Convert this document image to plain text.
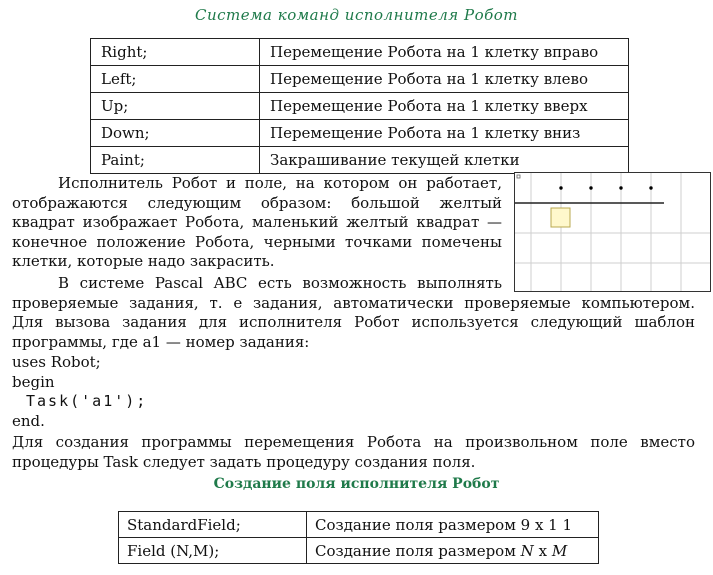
Система команд исполнителя Робот
Right;	Перемещение Робота на 1 клетку вправо
Left;	Перемещение Робота на 1 клетку влево
Up;	Перемещение Робота на 1 клетку вверх
Down;	Перемещение Робота на 1 клетку вниз
Paint;	Закрашивание текущей клетки
Исполнитель Робот и поле, на котором он работает,
отображаются следующим образом: большой желтый
квадрат изображает Робота, маленький желтый квадрат —
конечное положение Робота, черными точками помечены
клетки, которые надо закрасить.
В системе Pascal ABC есть возможность выполнять
проверяемые задания, т. е задания, автоматически проверяемые компьютером.
Для вызова задания для исполнителя Робот используется следующий шаблон
программы, где a1 — номер задания:
uses Robot;
begin
Task('a1');
end.
Для создания программы перемещения Робота на произвольном поле вместо
процедуры Task следует задать процедуру создания поля.
Создание поля исполнителя Робот
StandardField;	Создание поля размером 9 x 1 1
Field (N,M);	Создание поля размером N x M
